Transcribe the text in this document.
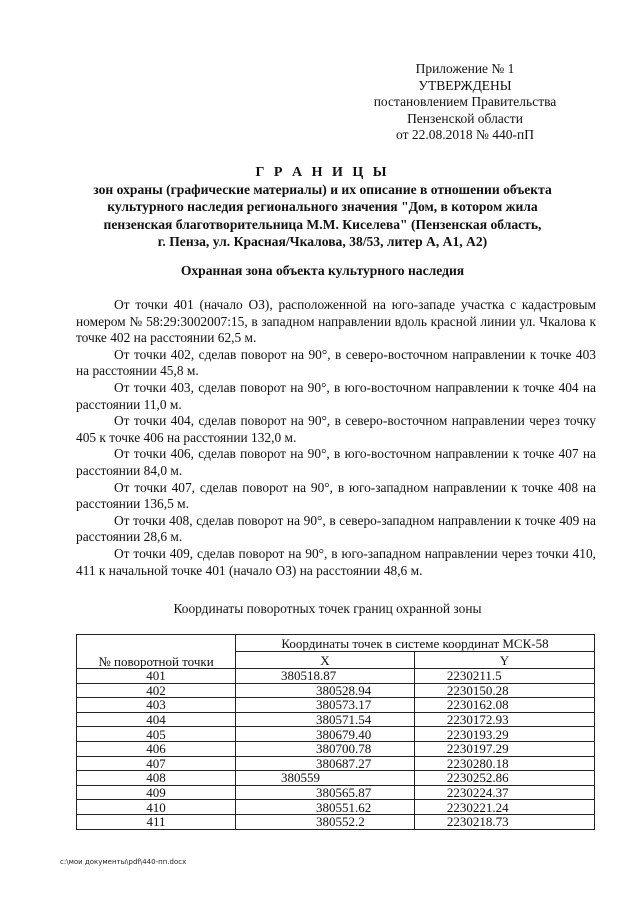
Приложение № 1
УТВЕРЖДЕНЫ
постановлением Правительства
Пензенской области
от 22.08.2018 № 440-пП
Г Р А Н И Ц Ы
зон охраны (графические материалы) и их описание в отношении объекта
культурного наследия регионального значения "Дом, в котором жила
пензенская благотворительница М.М. Киселева" (Пензенская область,
г. Пенза, ул. Красная/Чкалова, 38/53, литер А, А1, А2)
Охранная зона объекта культурного наследия

От точки 401 (начало ОЗ), расположенной на юго-западе участка с кадастровым номером № 58:29:3002007:15, в западном направлении вдоль красной линии ул. Чкалова к точке 402 на расстоянии 62,5 м.

От точки 402, сделав поворот на 90°, в северо-восточном направлении к точке 403 на расстоянии 45,8 м.

От точки 403, сделав поворот на 90°, в юго-восточном направлении к точке 404 на расстоянии 11,0 м.

От точки 404, сделав поворот на 90°, в северо-восточном направлении через точку 405 к точке 406 на расстоянии 132,0 м.

От точки 406, сделав поворот на 90°, в юго-восточном направлении к точке 407 на расстоянии 84,0 м.

От точки 407, сделав поворот на 90°, в юго-западном направлении к точке 408 на расстоянии 136,5 м.

От точки 408, сделав поворот на 90°, в северо-западном направлении к точке 409 на расстоянии 28,6 м.

От точки 409, сделав поворот на 90°, в юго-западном направлении через точки 410, 411 к начальной точке 401 (начало ОЗ) на расстоянии 48,6 м.

Координаты поворотных точек границ охранной зоны
№ поворотной точки	Координаты точек в системе координат МСК-58	
	X	Y
401	380518.87	2230211.5
402	380528.94	2230150.28
403	380573.17	2230162.08
404	380571.54	2230172.93
405	380679.40	2230193.29
406	380700.78	2230197.29
407	380687.27	2230280.18
408	380559	2230252.86
409	380565.87	2230224.37
410	380551.62	2230221.24
411	380552.2	2230218.73
c:\мои документы\pdf\440-пп.docx
